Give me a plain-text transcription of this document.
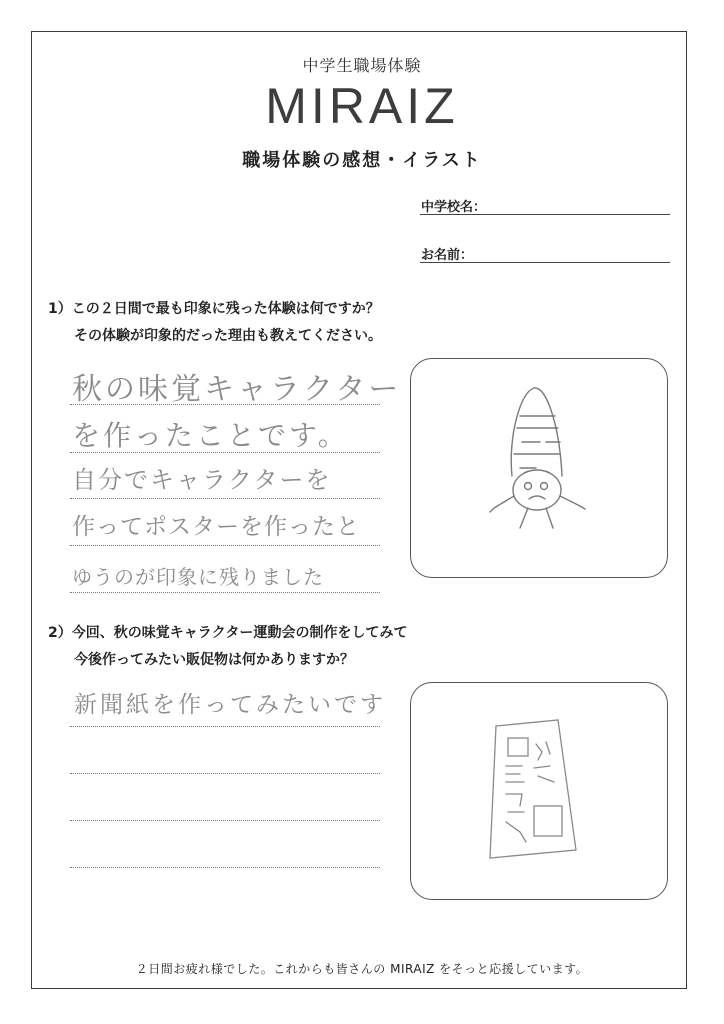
中学生職場体験
MIRAIZ
職場体験の感想・イラスト
中学校名：
お名前：
1）この２日間で最も印象に残った体験は何ですか？
その体験が印象的だった理由も教えてください。
秋の味覚キャラクター
を作ったことです。
自分でキャラクターを
作ってポスターを作ったと
ゆうのが印象に残りました
2）今回、秋の味覚キャラクター運動会の制作をしてみて
今後作ってみたい販促物は何かありますか？
新聞紙を作ってみたいです
２日間お疲れ様でした。これからも皆さんの MIRAIZ をそっと応援しています。
